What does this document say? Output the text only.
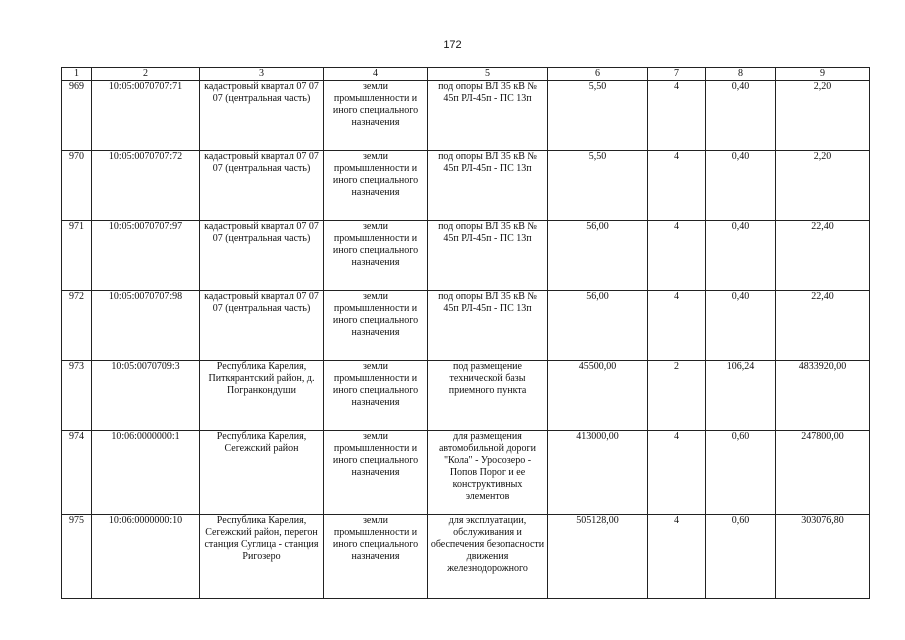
172
1	2	3	4	5	6	7	8	9
969	10:05:0070707:71	кадастровый квартал 07 07 07 (центральная часть)	земли промышленности и иного специального назначения	под опоры ВЛ 35 кВ № 45п РЛ-45п - ПС 13п	5,50	4	0,40	2,20
970	10:05:0070707:72	кадастровый квартал 07 07 07 (центральная часть)	земли промышленности и иного специального назначения	под опоры ВЛ 35 кВ № 45п РЛ-45п - ПС 13п	5,50	4	0,40	2,20
971	10:05:0070707:97	кадастровый квартал 07 07 07 (центральная часть)	земли промышленности и иного специального назначения	под опоры ВЛ 35 кВ № 45п РЛ-45п - ПС 13п	56,00	4	0,40	22,40
972	10:05:0070707:98	кадастровый квартал 07 07 07 (центральная часть)	земли промышленности и иного специального назначения	под опоры ВЛ 35 кВ № 45п РЛ-45п - ПС 13п	56,00	4	0,40	22,40
973	10:05:0070709:3	Республика Карелия, Питкярантский район, д. Погранкондуши	земли промышленности и иного специального назначения	под размещение технической базы приемного пункта	45500,00	2	106,24	4833920,00
974	10:06:0000000:1	Республика Карелия, Сегежский район	земли промышленности и иного специального назначения	для размещения автомобильной дороги "Кола" - Уросозеро - Попов Порог и ее конструктивных элементов	413000,00	4	0,60	247800,00
975	10:06:0000000:10	Республика Карелия, Сегежский район, перегон станция Суглица - станция Ригозеро	земли промышленности и иного специального назначения	для эксплуатации, обслуживания и обеспечения безопасности движения железнодорожного	505128,00	4	0,60	303076,80
